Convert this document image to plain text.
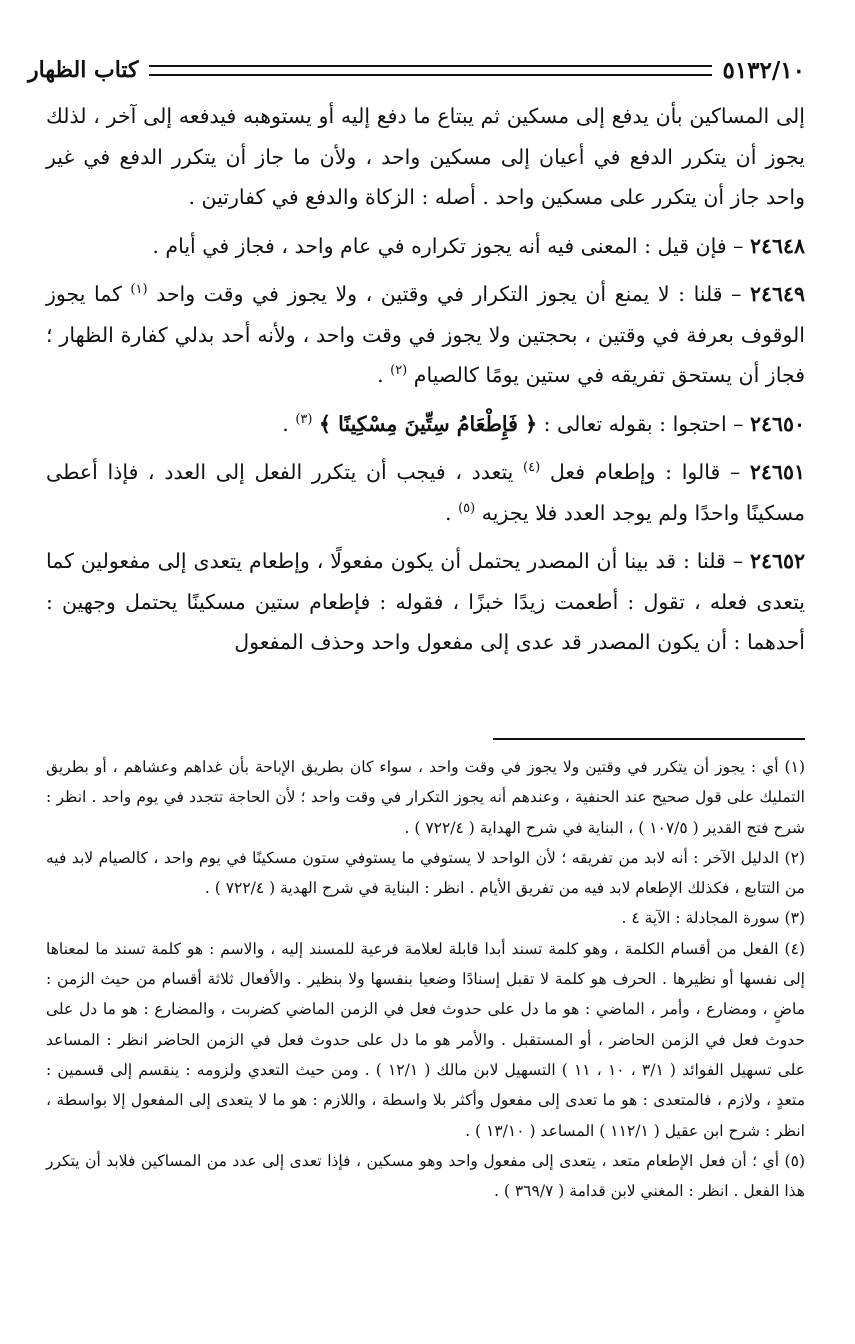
كتاب الظهار	٥١٣٢/١٠

إلى المساكين بأن يدفع إلى مسكين ثم يبتاع ما دفع إليه أو يستوهبه فيدفعه إلى آخر ، لذلك يجوز أن يتكرر الدفع في أعيان إلى مسكين واحد ، ولأن ما جاز أن يتكرر الدفع في غير واحد جاز أن يتكرر على مسكين واحد . أصله : الزكاة والدفع في كفارتين .

٢٤٦٤٨ – فإن قيل : المعنى فيه أنه يجوز تكراره في عام واحد ، فجاز في أيام .

٢٤٦٤٩ – قلنا : لا يمنع أن يجوز التكرار في وقتين ، ولا يجوز في وقت واحد $^{(١)}$ كما يجوز الوقوف بعرفة في وقتين ، بحجتين ولا يجوز في وقت واحد ، ولأنه أحد بدلي كفارة الظهار ؛ فجاز أن يستحق تفريقه في ستين يومًا كالصيام $^{(٢)}$ .

٢٤٦٥٠ – احتجوا : بقوله تعالى : ﴿ فَإِطْعَامُ سِتِّينَ مِسْكِينًا ﴾ $^{(٣)}$ .

٢٤٦٥١ – قالوا : وإطعام فعل $^{(٤)}$ يتعدد ، فيجب أن يتكرر الفعل إلى العدد ، فإذا أعطى مسكينًا واحدًا ولم يوجد العدد فلا يجزيه $^{(٥)}$ .

٢٤٦٥٢ – قلنا : قد بينا أن المصدر يحتمل أن يكون مفعولًا ، وإطعام يتعدى إلى مفعولين كما يتعدى فعله ، تقول : أطعمت زيدًا خبزًا ، فقوله : فإطعام ستين مسكينًا يحتمل وجهين : أحدهما : أن يكون المصدر قد عدى إلى مفعول واحد وحذف المفعول

(١) أي : يجوز أن يتكرر في وقتين ولا يجوز في وقت واحد ، سواء كان بطريق الإباحة بأن غداهم وعشاهم ، أو بطريق التمليك على قول صحيح عند الحنفية ، وعندهم أنه يجوز التكرار في وقت واحد ؛ لأن الحاجة تتجدد في يوم واحد . انظر : شرح فتح القدير ( ١٠٧/٥ ) ، البناية في شرح الهداية ( ٧٢٢/٤ ) .

(٢) الدليل الآخر : أنه لابد من تفريقه ؛ لأن الواحد لا يستوفي ما يستوفي ستون مسكينًا في يوم واحد ، كالصيام لابد فيه من التتابع ، فكذلك الإطعام لابد فيه من تفريق الأيام . انظر : البناية في شرح الهدية ( ٧٢٢/٤ ) .

(٣) سورة المجادلة : الآية ٤ .

(٤) الفعل من أقسام الكلمة ، وهو كلمة تسند أبدا قابلة لعلامة فرعية للمسند إليه ، والاسم : هو كلمة تسند ما لمعناها إلى نفسها أو نظيرها . الحرف هو كلمة لا تقبل إسنادًا وضعيا بنفسها ولا بنظير . والأفعال ثلاثة أقسام من حيث الزمن : ماضٍ ، ومضارع ، وأمر ، الماضي : هو ما دل على حدوث فعل في الزمن الماضي كضربت ، والمضارع : هو ما دل على حدوث فعل في الزمن الحاضر ، أو المستقبل . والأمر هو ما دل على حدوث فعل في الزمن الحاضر انظر : المساعد على تسهيل الفوائد ( ٣/١ ، ١٠ ، ١١ ) التسهيل لابن مالك ( ١٢/١ ) . ومن حيث التعدي ولزومه : ينقسم إلى قسمين : متعدٍ ، ولازم ، فالمتعدى : هو ما تعدى إلى مفعول وأكثر بلا واسطة ، واللازم : هو ما لا يتعدى إلى المفعول إلا بواسطة ، انظر : شرح ابن عقيل ( ١١٢/١ ) المساعد ( ١٣/١٠ ) .

(٥) أي ؛ أن فعل الإطعام متعد ، يتعدى إلى مفعول واحد وهو مسكين ، فإذا تعدى إلى عدد من المساكين فلابد أن يتكرر هذا الفعل . انظر : المغني لابن قدامة ( ٣٦٩/٧ ) .
